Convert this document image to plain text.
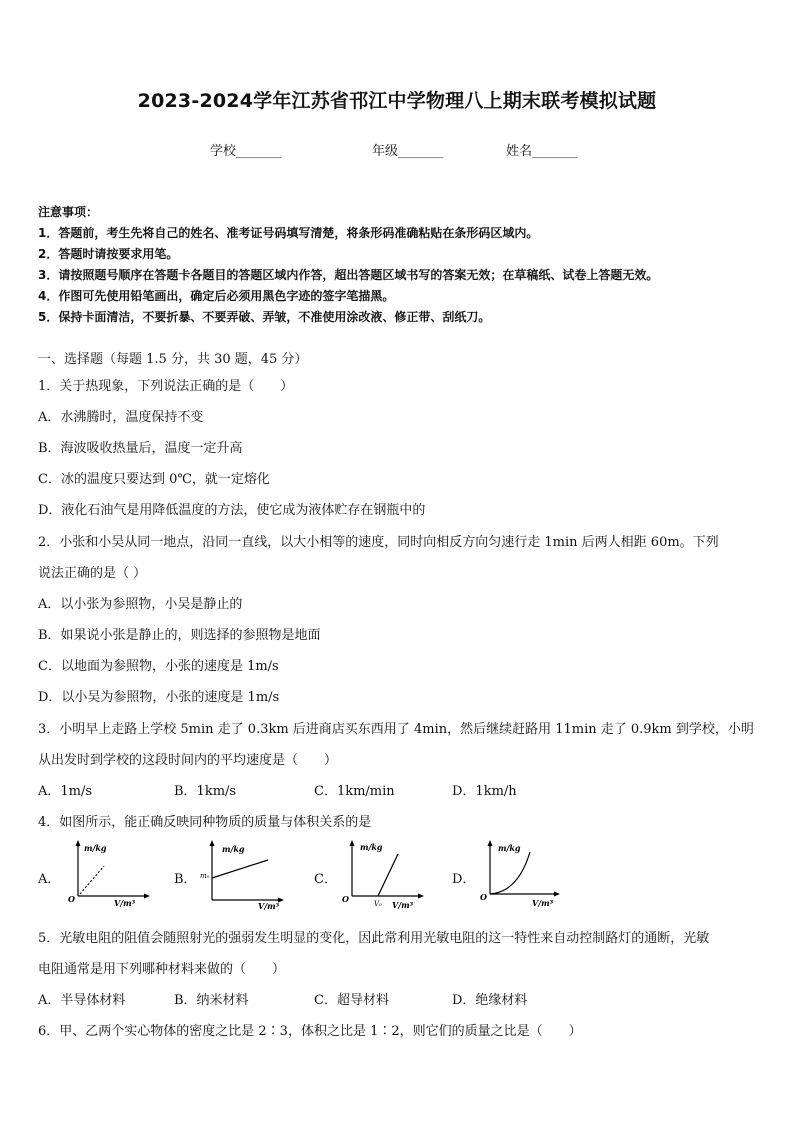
2023-2024学年江苏省邗江中学物理八上期末联考模拟试题
学校_______	年级_______	姓名_______
注意事项：
1．答题前，考生先将自己的姓名、准考证号码填写清楚，将条形码准确粘贴在条形码区域内。
2．答题时请按要求用笔。
3．请按照题号顺序在答题卡各题目的答题区域内作答，超出答题区域书写的答案无效；在草稿纸、试卷上答题无效。
4．作图可先使用铅笔画出，确定后必须用黑色字迹的签字笔描黑。
5．保持卡面清洁，不要折暴、不要弄破、弄皱，不准使用涂改液、修正带、刮纸刀。
一、选择题（每题 1.5 分，共 30 题，45 分）
1．关于热现象，下列说法正确的是（　　）
A．水沸腾时，温度保持不变
B．海波吸收热量后，温度一定升高
C．冰的温度只要达到 0℃，就一定熔化
D．液化石油气是用降低温度的方法，使它成为液体贮存在钢瓶中的
2．小张和小吴从同一地点，沿同一直线，以大小相等的速度，同时向相反方向匀速行走 1min 后两人相距 60m。下列
说法正确的是（ ）
A．以小张为参照物，小吴是静止的
B．如果说小张是静止的，则选择的参照物是地面
C．以地面为参照物，小张的速度是 1m/s
D．以小吴为参照物，小张的速度是 1m/s
3．小明早上走路上学校 5min 走了 0.3km 后进商店买东西用了 4min，然后继续赶路用 11min 走了 0.9km 到学校，小明
从出发时到学校的这段时间内的平均速度是（　　）
A．1m/s	B．1km/s	C．1km/min	D．1km/h
4．如图所示，能正确反映同种物质的质量与体积关系的是
A．
m/kg
V/m³
O
B．
m/kg
V/m³
m₀	C．
m/kg
V/m³
O	V₀
D．
m/kg
V/m³
O
5．光敏电阻的阻值会随照射光的强弱发生明显的变化，因此常利用光敏电阻的这一特性来自动控制路灯的通断，光敏
电阻通常是用下列哪种材料来做的（　　）
A．半导体材料	B．纳米材料	C．超导材料	D．绝缘材料
6．甲、乙两个实心物体的密度之比是 2∶3，体积之比是 1∶2，则它们的质量之比是（　　）
